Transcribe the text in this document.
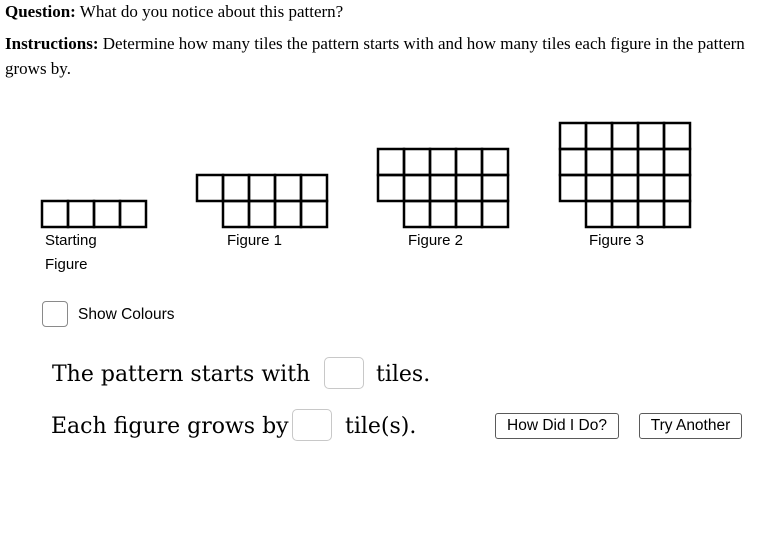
Question: What do you notice about this pattern?
Instructions: Determine how many tiles the pattern starts with and how many tiles each figure in the pattern grows by.
Starting
Figure
Figure 1	Figure 2	Figure 3
Show Colours
The pattern starts with	tiles.
Each figure grows by	tile(s).	How Did I Do?	Try Another
